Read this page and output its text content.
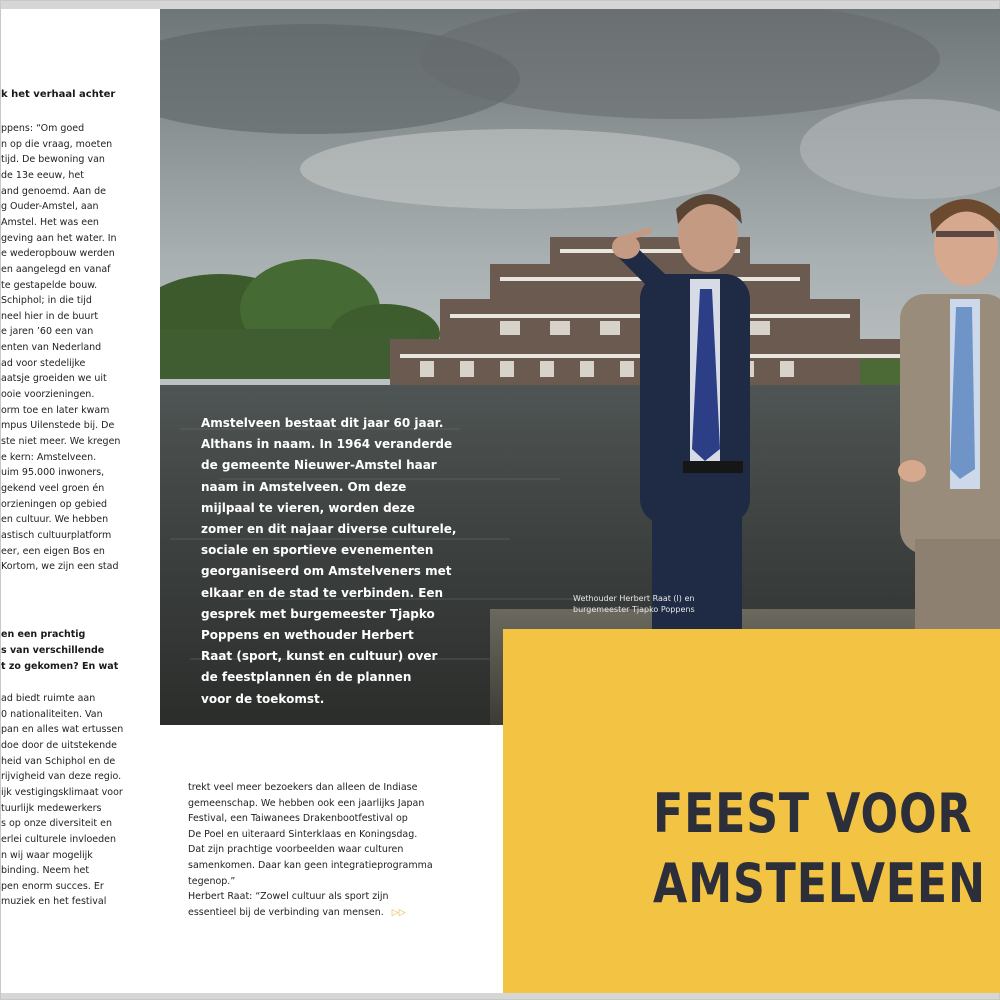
k het verhaal achter
ppens: “Om goed
n op die vraag, moeten
tijd. De bewoning van
de 13e eeuw, het
and genoemd. Aan de
g Ouder-Amstel, aan
Amstel. Het was een
geving aan het water. In
e wederopbouw werden
en aangelegd en vanaf
te gestapelde bouw.
Schiphol; in die tijd
neel hier in de buurt
e jaren ’60 een van
enten van Nederland
ad voor stedelijke
aatsje groeiden we uit
ooie voorzieningen.
orm toe en later kwam
mpus Uilenstede bij. De
ste niet meer. We kregen
e kern: Amstelveen.
uim 95.000 inwoners,
gekend veel groen én
orzieningen op gebied
en cultuur. We hebben
astisch cultuurplatform
eer, een eigen Bos en
Kortom, we zijn een stad
en een prachtig
s van verschillende
t zo gekomen? En wat
ad biedt ruimte aan
0 nationaliteiten. Van
pan en alles wat ertussen
doe door de uitstekende
heid van Schiphol en de
rijvigheid van deze regio.
ijk vestigingsklimaat voor
tuurlijk medewerkers
s op onze diversiteit en
erlei culturele invloeden
n wij waar mogelijk
binding. Neem het
pen enorm succes. Er
muziek en het festival
Amstelveen bestaat dit jaar 60 jaar.
Althans in naam. In 1964 veranderde
de gemeente Nieuwer-Amstel haar
naam in Amstelveen. Om deze
mijlpaal te vieren, worden deze
zomer en dit najaar diverse culturele,
sociale en sportieve evenementen
georganiseerd om Amstelveners met
elkaar en de stad te verbinden. Een
gesprek met burgemeester Tjapko
Poppens en wethouder Herbert
Raat (sport, kunst en cultuur) over
de feestplannen én de plannen
voor de toekomst.
Wethouder Herbert Raat (l) en
burgemeester Tjapko Poppens
FEEST VOOR
AMSTELVEEN
trekt veel meer bezoekers dan alleen de Indiase
gemeenschap. We hebben ook een jaarlijks Japan
Festival, een Taiwanees Drakenbootfestival op
De Poel en uiteraard Sinterklaas en Koningsdag.
Dat zijn prachtige voorbeelden waar culturen
samenkomen. Daar kan geen integratieprogramma
tegenop.”
Herbert Raat: “Zowel cultuur als sport zijn
essentieel bij de verbinding van mensen. ▷▷
